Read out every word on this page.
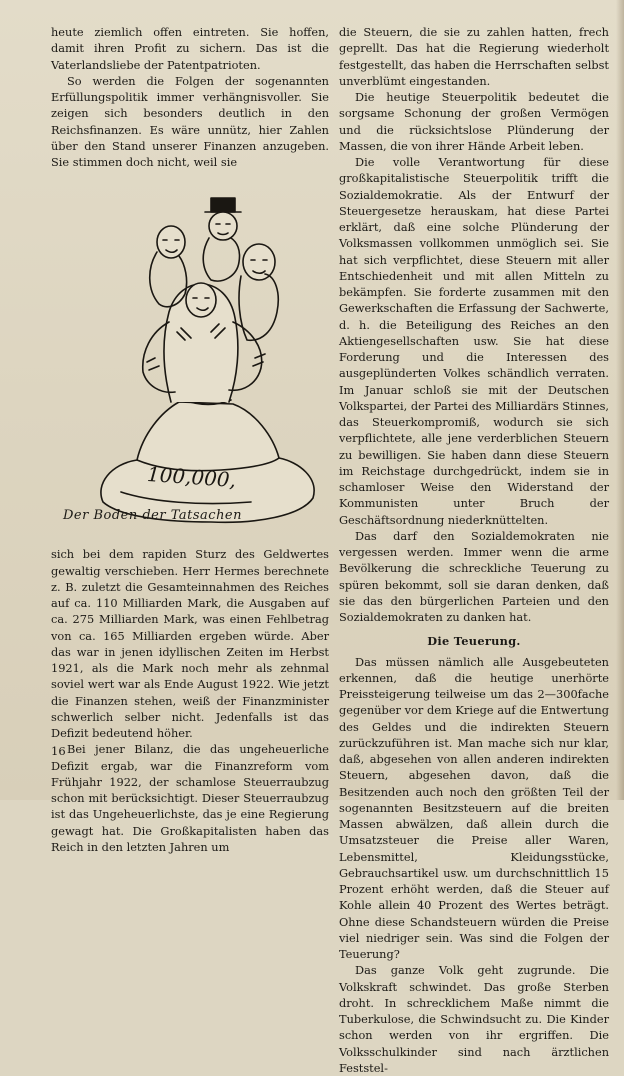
heute ziemlich offen eintreten. Sie hoffen, damit ihren Profit zu sichern. Das ist die Vaterlandsliebe der Patentpatrioten.

So werden die Folgen der sogenannten Erfüllungspolitik immer verhängnisvoller. Sie zeigen sich besonders deutlich in den Reichsfinanzen. Es wäre unnütz, hier Zahlen über den Stand unserer Finanzen anzugeben. Sie stimmen doch nicht, weil sie

100,000,
Der Boden der Tatsachen

sich bei dem rapiden Sturz des Geldwertes gewaltig verschieben. Herr Hermes berechnete z. B. zuletzt die Gesamteinnahmen des Reiches auf ca. 110 Milliarden Mark, die Ausgaben auf ca. 275 Milliarden Mark, was einen Fehlbetrag von ca. 165 Milliarden ergeben würde. Aber das war in jenen idyllischen Zeiten im Herbst 1921, als die Mark noch mehr als zehnmal soviel wert war als Ende August 1922. Wie jetzt die Finanzen stehen, weiß der Finanzminister schwerlich selber nicht. Jedenfalls ist das Defizit bedeutend höher.

Bei jener Bilanz, die das ungeheuerliche Defizit ergab, war die Finanzreform vom Frühjahr 1922, der schamlose Steuerraubzug schon mit berücksichtigt. Dieser Steuerraubzug ist das Ungeheuerlichste, das je eine Regierung gewagt hat. Die Großkapitalisten haben das Reich in den letzten Jahren um

die Steuern, die sie zu zahlen hatten, frech geprellt. Das hat die Regierung wiederholt festgestellt, das haben die Herrschaften selbst unverblümt eingestanden.

Die heutige Steuerpolitik bedeutet die sorgsame Schonung der großen Vermögen und die rücksichtslose Plünderung der Massen, die von ihrer Hände Arbeit leben.

Die volle Verantwortung für diese großkapitalistische Steuerpolitik trifft die Sozialdemokratie. Als der Entwurf der Steuergesetze herauskam, hat diese Partei erklärt, daß eine solche Plünderung der Volksmassen vollkommen unmöglich sei. Sie hat sich verpflichtet, diese Steuern mit aller Entschiedenheit und mit allen Mitteln zu bekämpfen. Sie forderte zusammen mit den Gewerkschaften die Erfassung der Sachwerte, d. h. die Beteiligung des Reiches an den Aktiengesellschaften usw. Sie hat diese Forderung und die Interessen des ausgeplünderten Volkes schändlich verraten. Im Januar schloß sie mit der Deutschen Volkspartei, der Partei des Milliardärs Stinnes, das Steuerkompromiß, wodurch sie sich verpflichtete, alle jene verderblichen Steuern zu bewilligen. Sie haben dann diese Steuern im Reichstage durchgedrückt, indem sie in schamloser Weise den Widerstand der Kommunisten unter Bruch der Geschäftsordnung niederknüttelten.

Das darf den Sozialdemokraten nie vergessen werden. Immer wenn die arme Bevölkerung die schreckliche Teuerung zu spüren bekommt, soll sie daran denken, daß sie das den bürgerlichen Parteien und den Sozialdemokraten zu danken hat.

Die Teuerung.

Das müssen nämlich alle Ausgebeuteten erkennen, daß die heutige unerhörte Preissteigerung teilweise um das 2—300fache gegenüber vor dem Kriege auf die Entwertung des Geldes und die indirekten Steuern zurückzuführen ist. Man mache sich nur klar, daß, abgesehen von allen anderen indirekten Steuern, abgesehen davon, daß die Besitzenden auch noch den größten Teil der sogenannten Besitzsteuern auf die breiten Massen abwälzen, daß allein durch die Umsatzsteuer die Preise aller Waren, Lebensmittel, Kleidungsstücke, Gebrauchsartikel usw. um durchschnittlich 15 Prozent erhöht werden, daß die Steuer auf Kohle allein 40 Prozent des Wertes beträgt. Ohne diese Schandsteuern würden die Preise viel niedriger sein. Was sind die Folgen der Teuerung?

Das ganze Volk geht zugrunde. Die Volkskraft schwindet. Das große Sterben droht. In schrecklichem Maße nimmt die Tuberkulose, die Schwindsucht zu. Die Kinder schon werden von ihr ergriffen. Die Volksschulkinder sind nach ärztlichen Feststel-

16
